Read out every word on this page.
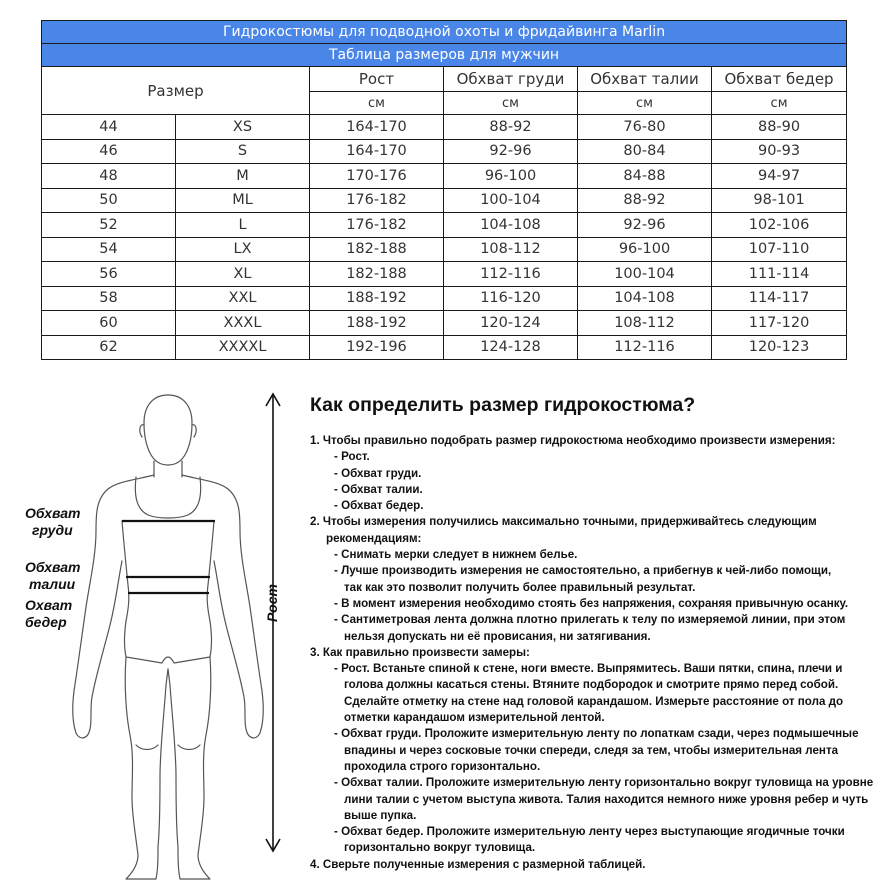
Гидрокостюмы для подводной охоты и фридайвинга Marlin					
Таблица размеров для мужчин					
Размер		Рост	Обхват груди	Обхват талии	Обхват бедер
		см	см	см	см
44	XS	164-170	88-92	76-80	88-90
46	S	164-170	92-96	80-84	90-93
48	M	170-176	96-100	84-88	94-97
50	ML	176-182	100-104	88-92	98-101
52	L	176-182	104-108	92-96	102-106
54	LX	182-188	108-112	96-100	107-110
56	XL	182-188	112-116	100-104	111-114
58	XXL	188-192	116-120	104-108	114-117
60	XXXL	188-192	120-124	108-112	117-120
62	XXXXL	192-196	124-128	112-116	120-123
Обхват
груди
Обхват
талии
Охват
бедер
Рост
Как определить размер гидрокостюма?
1. Чтобы правильно подобрать размер гидрокостюма необходимо произвести измерения:
- Рост.
- Обхват груди.
- Обхват талии.
- Обхват бедер.
2. Чтобы измерения получились максимально точными, придерживайтесь следующим
рекомендациям:
- Снимать мерки следует в нижнем белье.
- Лучше производить измерения не самостоятельно, а прибегнув к чей-либо помощи,
так как это позволит получить более правильный результат.
- В момент измерения необходимо стоять без напряжения, сохраняя привычную осанку.
- Сантиметровая лента должна плотно прилегать к телу по измеряемой линии, при этом
нельзя допускать ни её провисания, ни затягивания.
3. Как правильно произвести замеры:
- Рост. Встаньте спиной к стене, ноги вместе. Выпрямитесь. Ваши пятки, спина, плечи и
голова должны касаться стены. Втяните подбородок и смотрите прямо перед собой.
Сделайте отметку на стене над головой карандашом. Измерьте расстояние от пола до
отметки карандашом измерительной лентой.
- Обхват груди. Проложите измерительную ленту по лопаткам сзади, через подмышечные
впадины и через сосковые точки спереди, следя за тем, чтобы измерительная лента
проходила строго горизонтально.
- Обхват талии. Проложите измерительную ленту горизонтально вокруг туловища на уровне
лини талии с учетом выступа живота. Талия находится немного ниже уровня ребер и чуть
выше пупка.
- Обхват бедер. Проложите измерительную ленту через выступающие ягодичные точки
горизонтально вокруг туловища.
4. Сверьте полученные измерения с размерной таблицей.
